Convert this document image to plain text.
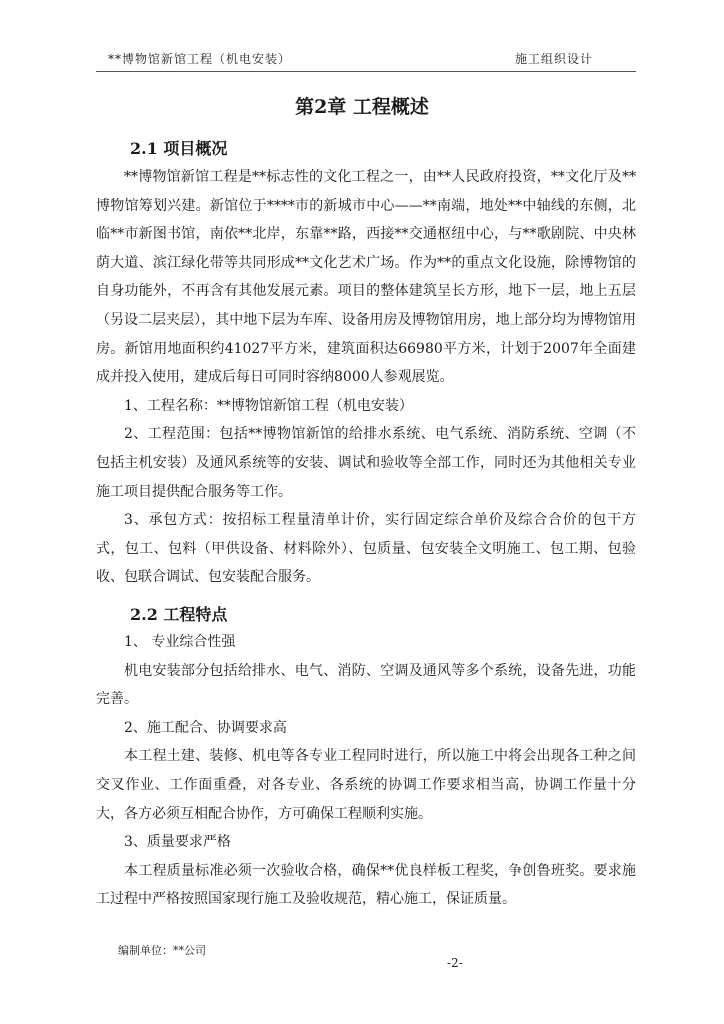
**博物馆新馆工程（机电安装）	施工组织设计
第2章 工程概述
2.1 项目概况

**博物馆新馆工程是**标志性的文化工程之一，由**人民政府投资，**文化厅及**博物馆筹划兴建。新馆位于****市的新城市中心——**南端，地处**中轴线的东侧，北临**市新图书馆，南依**北岸，东靠**路，西接**交通枢纽中心，与**歌剧院、中央林荫大道、滨江绿化带等共同形成**文化艺术广场。作为**的重点文化设施，除博物馆的自身功能外，不再含有其他发展元素。项目的整体建筑呈长方形，地下一层，地上五层（另设二层夹层），其中地下层为车库、设备用房及博物馆用房，地上部分均为博物馆用房。新馆用地面积约41027平方米，建筑面积达66980平方米，计划于2007年全面建成并投入使用，建成后每日可同时容纳8000人参观展览。

1、工程名称：**博物馆新馆工程（机电安装）

2、工程范围：包括**博物馆新馆的给排水系统、电气系统、消防系统、空调（不包括主机安装）及通风系统等的安装、调试和验收等全部工作，同时还为其他相关专业施工项目提供配合服务等工作。

3、承包方式：按招标工程量清单计价，实行固定综合单价及综合合价的包干方式，包工、包料（甲供设备、材料除外）、包质量、包安装全文明施工、包工期、包验收、包联合调试、包安装配合服务。

2.2 工程特点

1、 专业综合性强

机电安装部分包括给排水、电气、消防、空调及通风等多个系统，设备先进，功能完善。

2、施工配合、协调要求高

本工程土建、装修、机电等各专业工程同时进行，所以施工中将会出现各工种之间交叉作业、工作面重叠，对各专业、各系统的协调工作要求相当高，协调工作量十分大，各方必须互相配合协作，方可确保工程顺利实施。

3、质量要求严格

本工程质量标准必须一次验收合格，确保**优良样板工程奖，争创鲁班奖。要求施工过程中严格按照国家现行施工及验收规范，精心施工，保证质量。

编制单位：**公司
-2-
